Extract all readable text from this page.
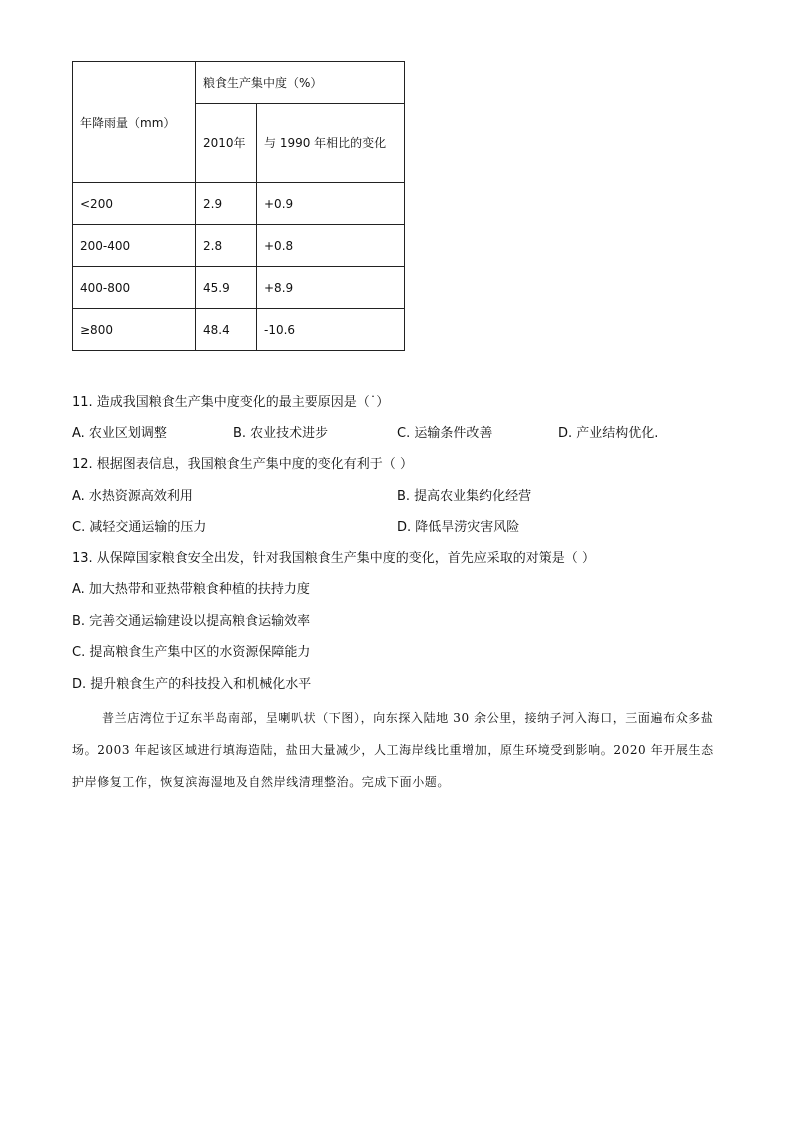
年降雨量（mm）	粮食生产集中度（%）	
	2010年	与 1990 年相比的变化
<200	2.9	+0.9
200-400	2.8	+0.8
400-800	45.9	+8.9
≥800	48.4	-10.6
11. 造成我国粮食生产集中度变化的最主要原因是（˙）
A. 农业区划调整	B. 农业技术进步	C. 运输条件改善	D. 产业结构优化.
12. 根据图表信息，我国粮食生产集中度的变化有利于（ ）
A. 水热资源高效利用	B. 提高农业集约化经营
C. 减轻交通运输的压力	D. 降低旱涝灾害风险
13. 从保障国家粮食安全出发，针对我国粮食生产集中度的变化，首先应采取的对策是（ ）
A. 加大热带和亚热带粮食种植的扶持力度
B. 完善交通运输建设以提高粮食运输效率
C. 提高粮食生产集中区的水资源保障能力
D. 提升粮食生产的科技投入和机械化水平
普兰店湾位于辽东半岛南部，呈喇叭状（下图），向东探入陆地 30 余公里，接纳子河入海口，三面遍布众多盐场。2003 年起该区域进行填海造陆，盐田大量减少，人工海岸线比重增加，原生环境受到影响。2020 年开展生态护岸修复工作，恢复滨海湿地及自然岸线清理整治。完成下面小题。
